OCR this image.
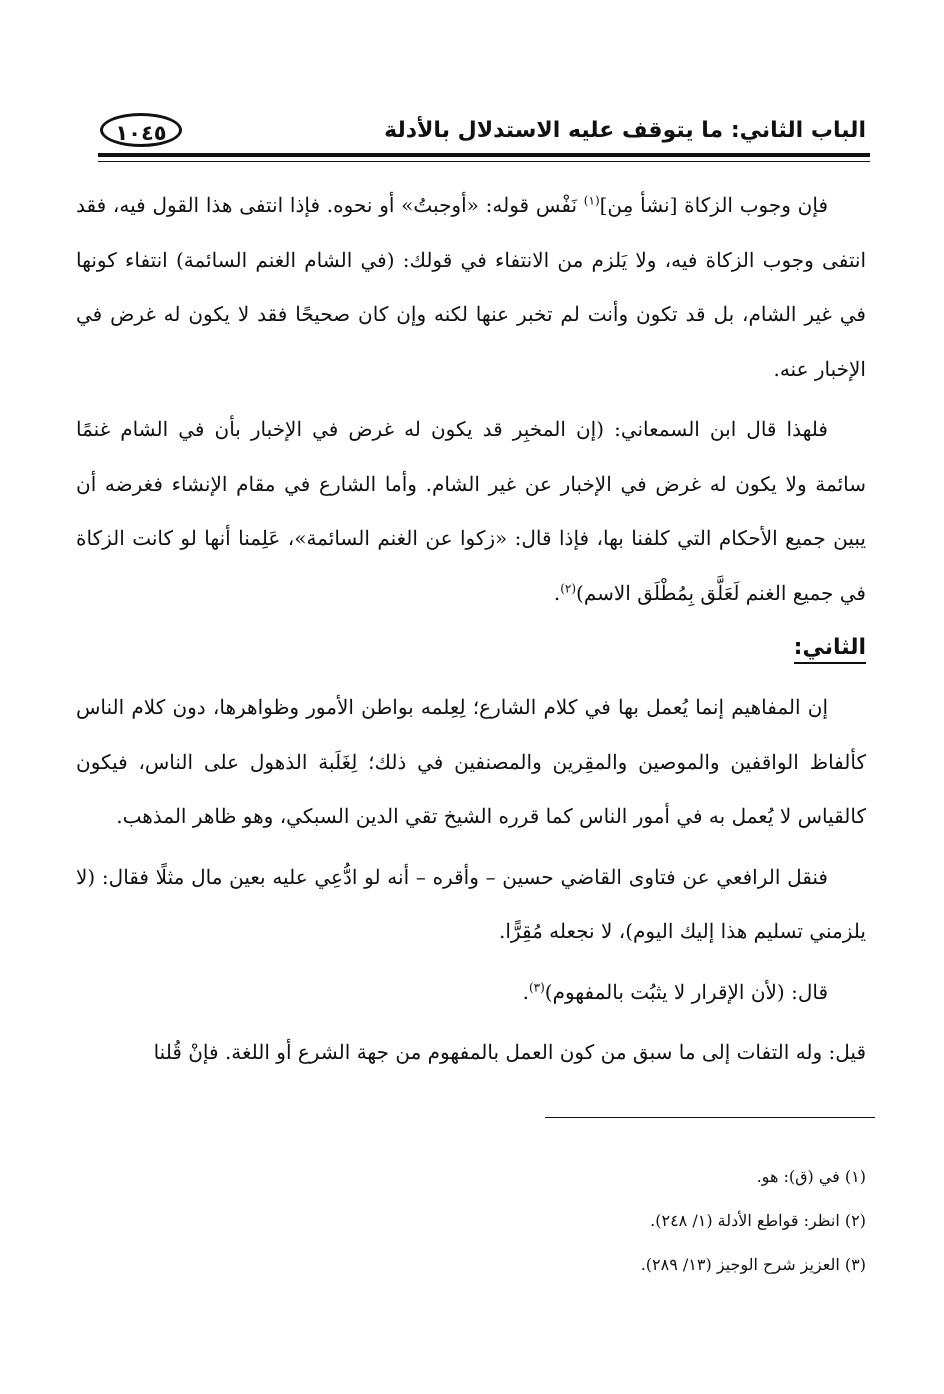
الباب الثاني: ما يتوقف عليه الاستدلال بالأدلة
١٠٤٥

فإن وجوب الزكاة [نشأ مِن]$^{(١)}$ نَفْس قوله: «أوجبتُ» أو نحوه. فإذا انتفى هذا القول فيه، فقد انتفى وجوب الزكاة فيه، ولا يَلزم من الانتفاء في قولك: (في الشام الغنم السائمة) انتفاء كونها في غير الشام، بل قد تكون وأنت لم تخبر عنها لكنه وإن كان صحيحًا فقد لا يكون له غرض في الإخبار عنه.

فلهذا قال ابن السمعاني: (إن المخبِر قد يكون له غرض في الإخبار بأن في الشام غنمًا سائمة ولا يكون له غرض في الإخبار عن غير الشام. وأما الشارع في مقام الإنشاء فغرضه أن يبين جميع الأحكام التي كلفنا بها، فإذا قال: «زكوا عن الغنم السائمة»، عَلِمنا أنها لو كانت الزكاة في جميع الغنم لَعَلَّق بِمُطْلَق الاسم)$^{(٢)}$.

الثاني:

إن المفاهيم إنما يُعمل بها في كلام الشارع؛ لِعِلمه بواطن الأمور وظواهرها، دون كلام الناس كألفاظ الواقفين والموصين والمقِرين والمصنفين في ذلك؛ لِغَلَبة الذهول على الناس، فيكون كالقياس لا يُعمل به في أمور الناس كما قرره الشيخ تقي الدين السبكي، وهو ظاهر المذهب.

فنقل الرافعي عن فتاوى القاضي حسين – وأقره – أنه لو ادُّعِي عليه بعين مال مثلًا فقال: (لا يلزمني تسليم هذا إليك اليوم)، لا نجعله مُقِرًّا.

قال: (لأن الإقرار لا يثبُت بالمفهوم)$^{(٣)}$.

قيل: وله التفات إلى ما سبق من كون العمل بالمفهوم من جهة الشرع أو اللغة. فإنْ قُلنا

(١) في (ق): هو.
(٢) انظر: قواطع الأدلة (١/ ٢٤٨).
(٣) العزيز شرح الوجيز (١٣/ ٢٨٩).
